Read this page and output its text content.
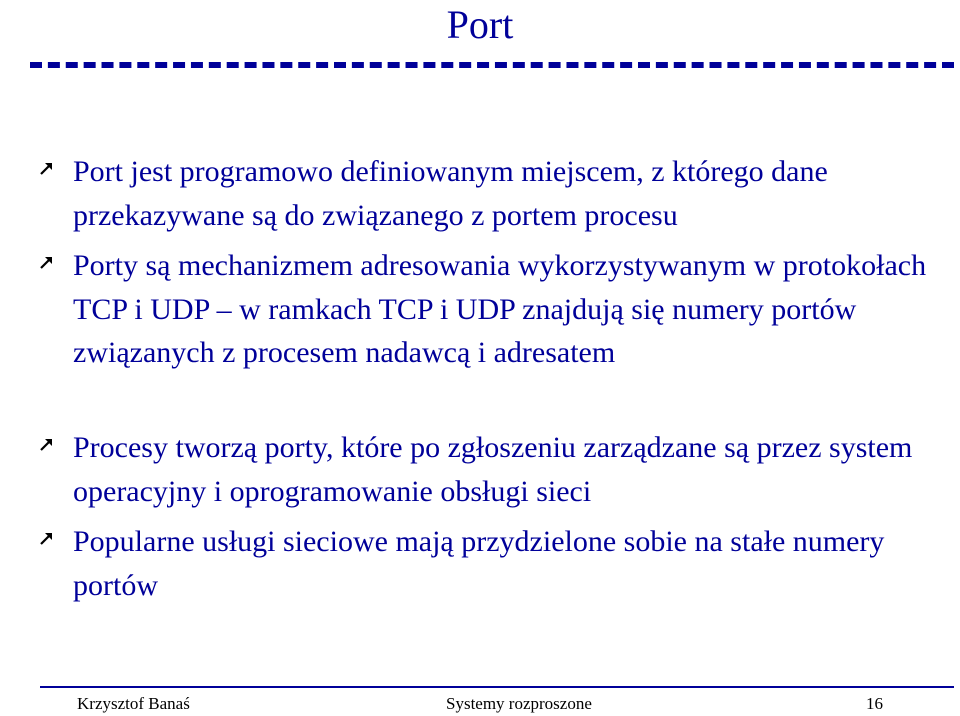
Port
Port jest programowo definiowanym miejscem, z którego dane przekazywane są do związanego z portem procesu
Porty są mechanizmem adresowania wykorzystywanym w protokołach TCP i UDP – w ramkach TCP i UDP znajdują się numery portów związanych z procesem nadawcą i adresatem
Procesy tworzą porty, które po zgłoszeniu zarządzane są przez system operacyjny i oprogramowanie obsługi sieci
Popularne usługi sieciowe mają przydzielone sobie na stałe numery portów
Krzysztof Banaś	Systemy rozproszone	16
